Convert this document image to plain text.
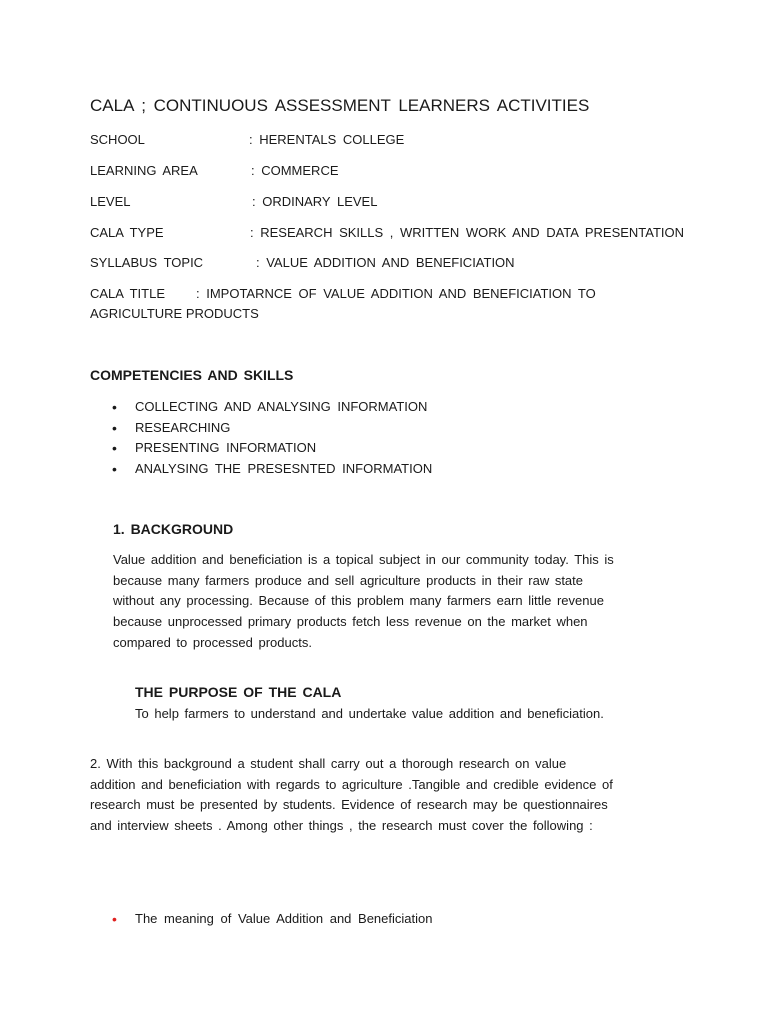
CALA ; CONTINUOUS ASSESSMENT LEARNERS ACTIVITIES
SCHOOL	: HERENTALS COLLEGE
LEARNING AREA	: COMMERCE
LEVEL	: ORDINARY LEVEL
CALA TYPE	: RESEARCH SKILLS , WRITTEN WORK AND DATA PRESENTATION
SYLLABUS TOPIC	: VALUE ADDITION AND BENEFICIATION
CALA TITLE : IMPOTARNCE OF VALUE ADDITION AND BENEFICIATION TO
AGRICULTURE PRODUCTS
COMPETENCIES AND SKILLS
• COLLECTING AND ANALYSING INFORMATION
• RESEARCHING
• PRESENTING INFORMATION
• ANALYSING THE PRESESNTED INFORMATION
1. BACKGROUND
Value addition and beneficiation is a topical subject in our community today. This is
because many farmers produce and sell agriculture products in their raw state
without any processing. Because of this problem many farmers earn little revenue
because unprocessed primary products fetch less revenue on the market when
compared to processed products.
THE PURPOSE OF THE CALA
To help farmers to understand and undertake value addition and beneficiation.
2. With this background a student shall carry out a thorough research on value
addition and beneficiation with regards to agriculture .Tangible and credible evidence of
research must be presented by students. Evidence of research may be questionnaires
and interview sheets . Among other things , the research must cover the following :
• The meaning of Value Addition and Beneficiation
